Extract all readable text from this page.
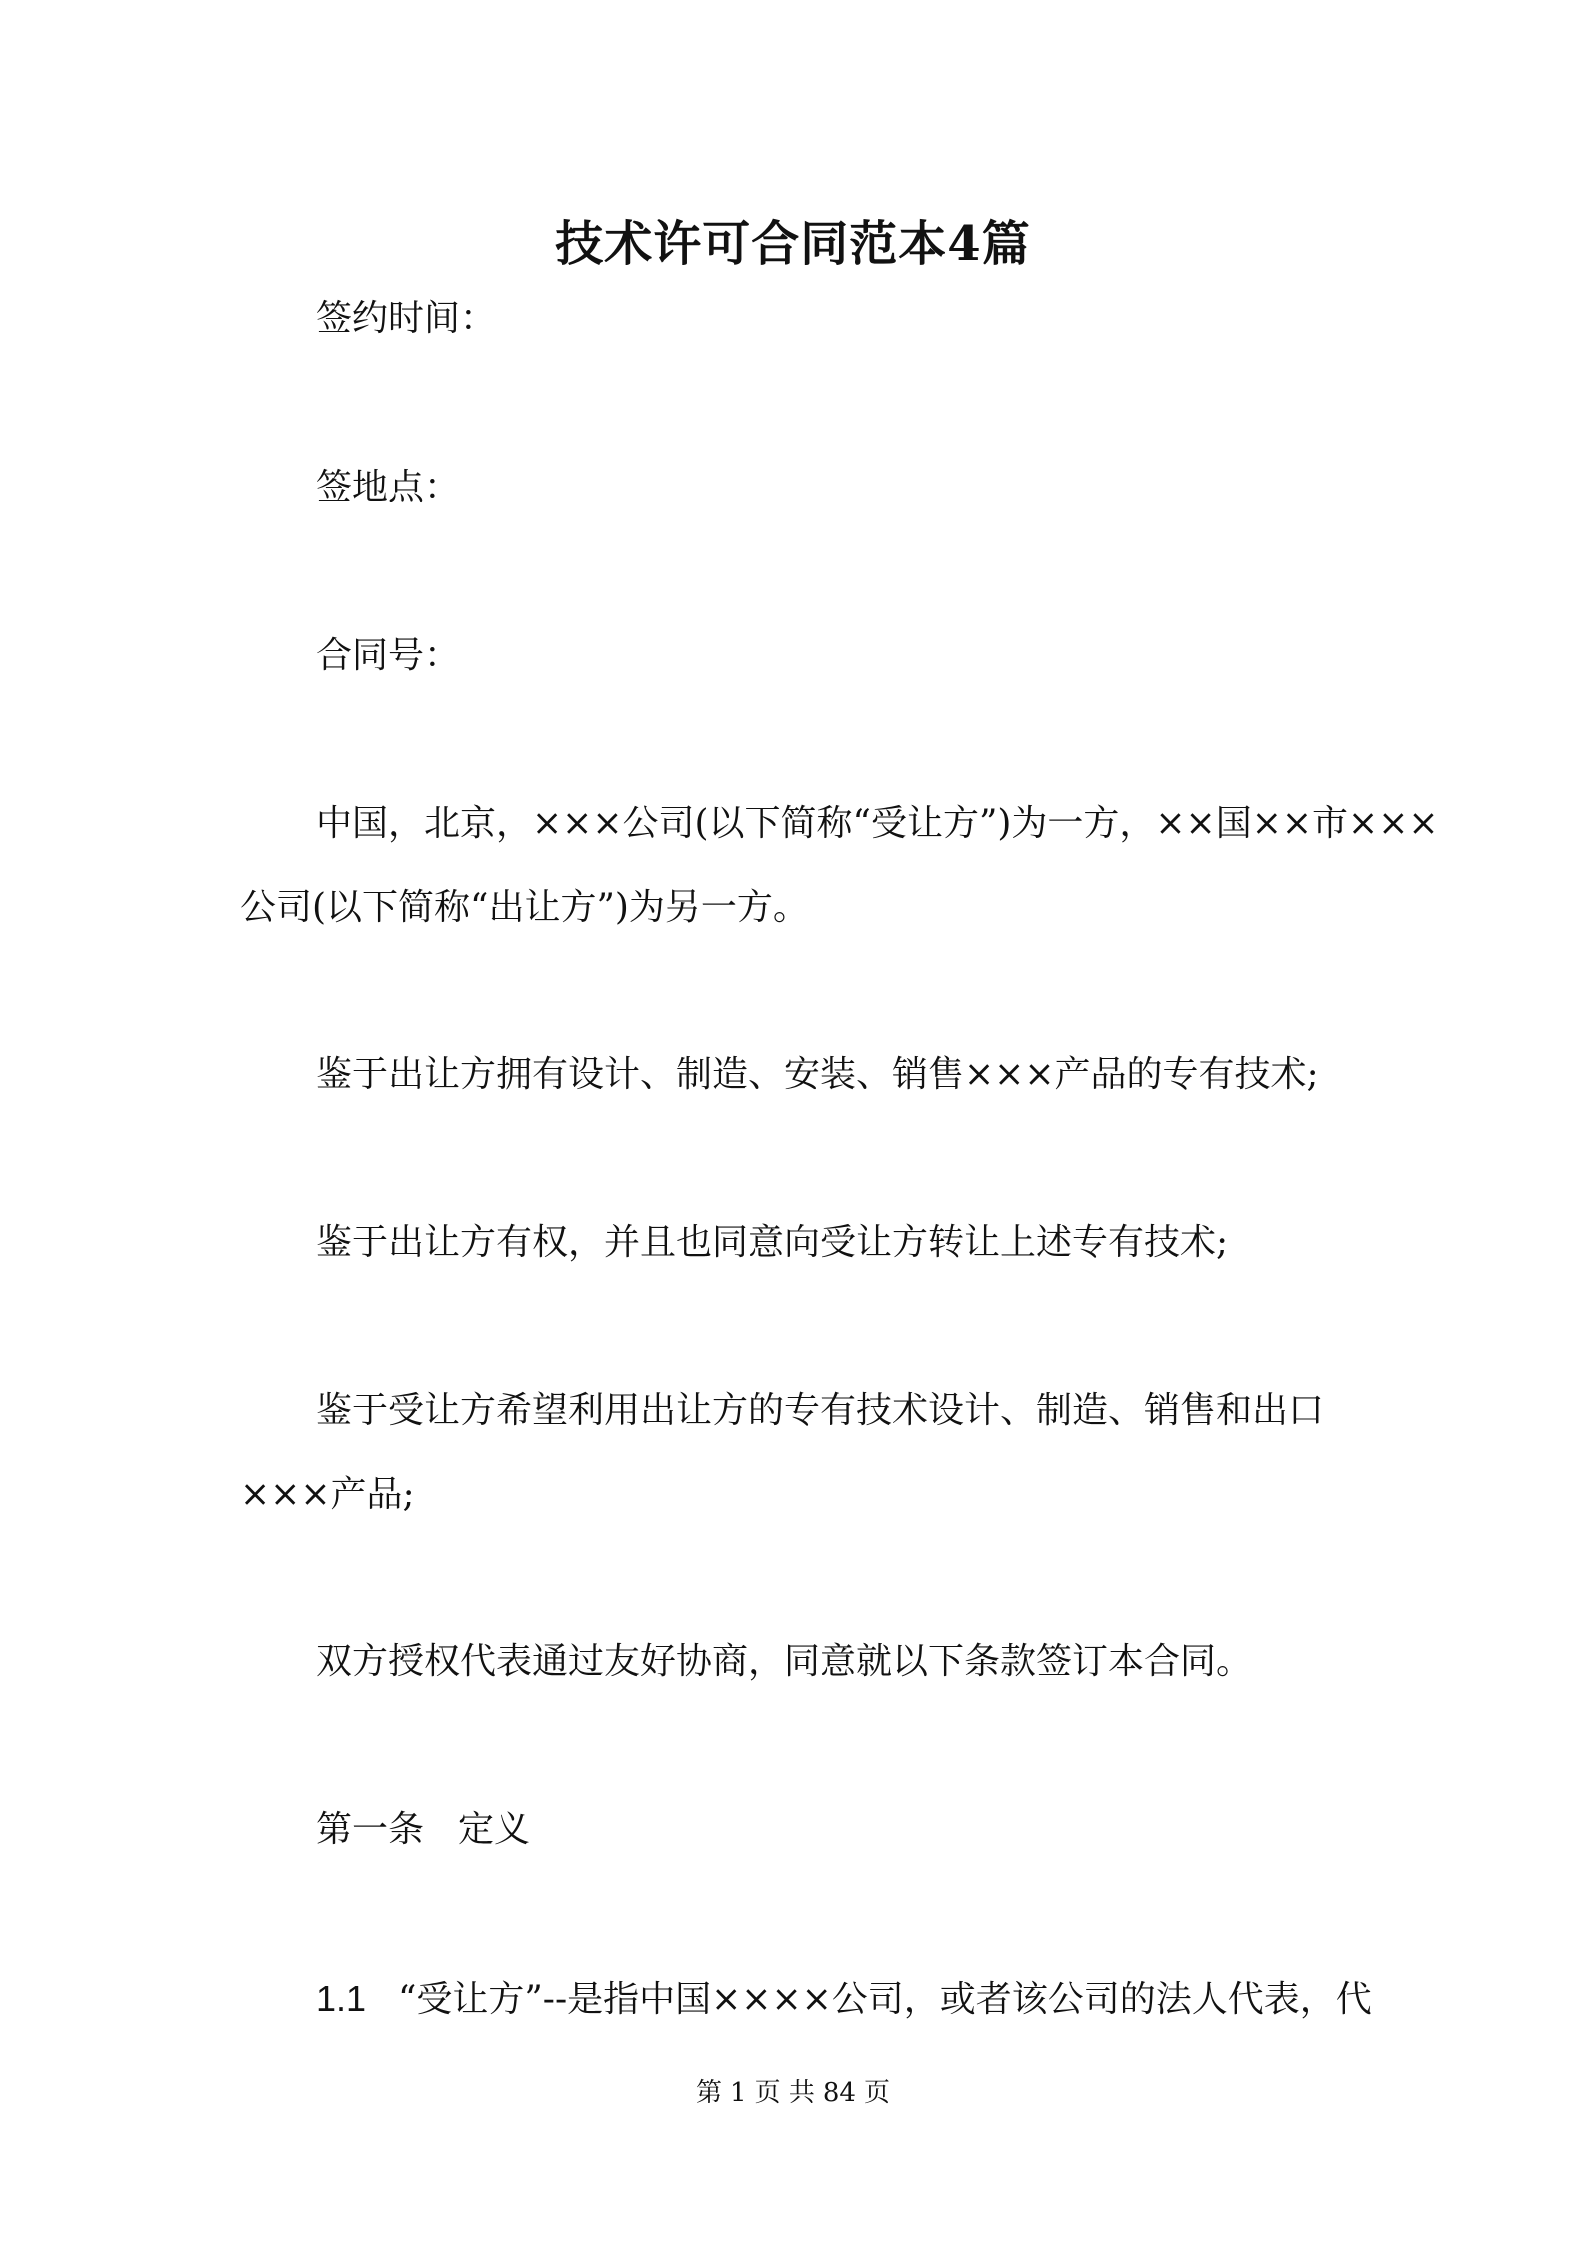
技术许可合同范本4篇

签约时间：

签地点：

合同号：

中国，北京，×××公司(以下简称“受让方”)为一方，××国××市×××

公司(以下简称“出让方”)为另一方。

鉴于出让方拥有设计、制造、安装、销售×××产品的专有技术;

鉴于出让方有权，并且也同意向受让方转让上述专有技术;

鉴于受让方希望利用出让方的专有技术设计、制造、销售和出口

×××产品;

双方授权代表通过友好协商，同意就以下条款签订本合同。

第一条 定义

1.1 “受让方”--是指中国××××公司，或者该公司的法人代表，代

第 1 页 共 84 页
